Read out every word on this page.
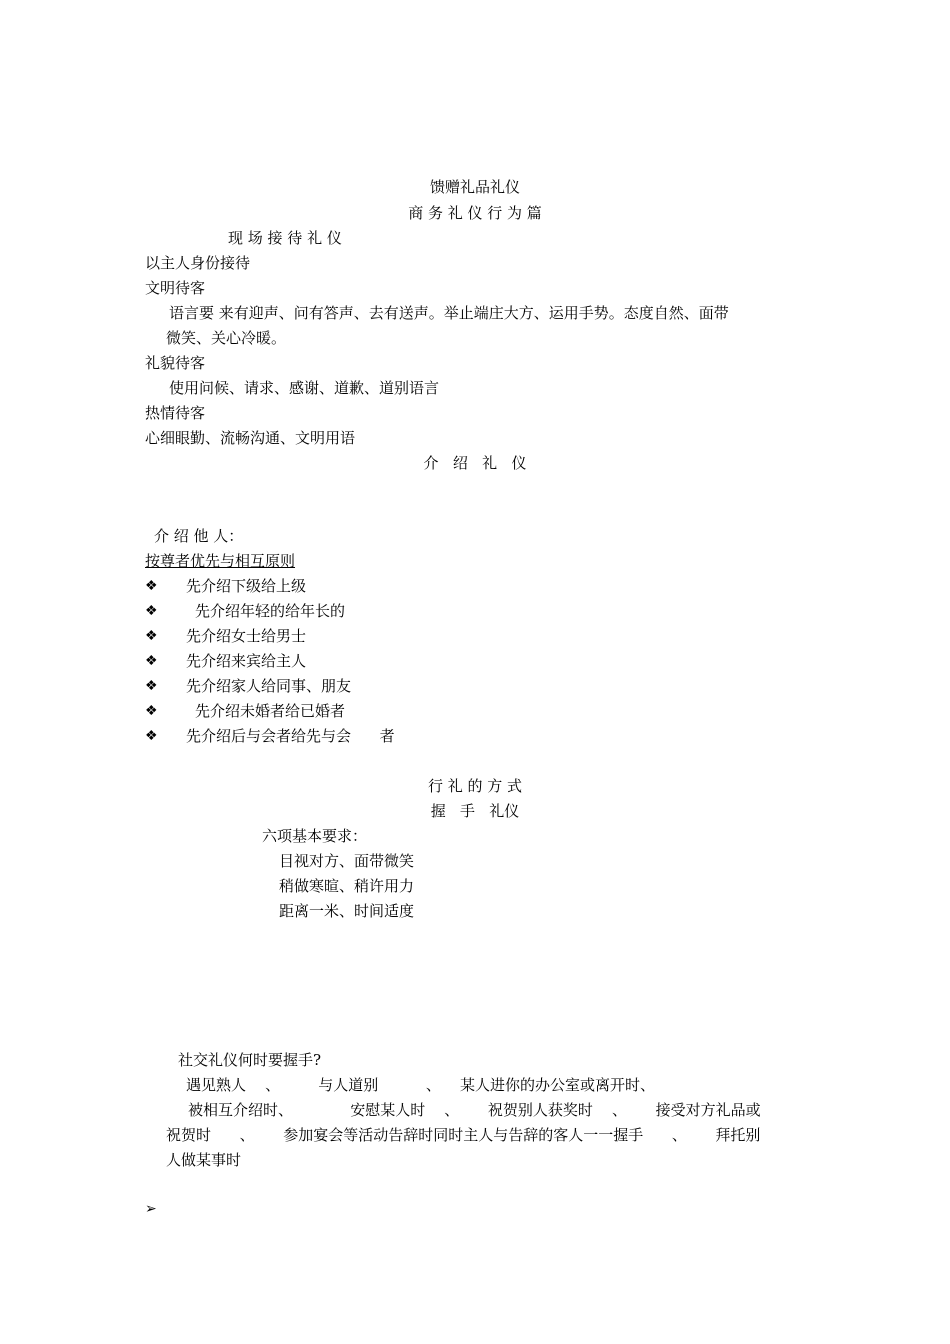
馈赠礼品礼仪
商 务 礼 仪 行 为 篇
现 场 接 待 礼 仪
以主人身份接待
文明待客
语言要 来有迎声、问有答声、去有送声。举止端庄大方、运用手势。态度自然、面带
微笑、关心冷暖。
礼貌待客
使用问候、请求、感谢、道歉、道别语言
热情待客
心细眼勤、流畅沟通、文明用语
介   绍   礼   仪
介 绍 他 人：
按尊者优先与相互原则
❖ 先介绍下级给上级
❖ 先介绍年轻的给年长的
❖ 先介绍女士给男士
❖ 先介绍来宾给主人
❖ 先介绍家人给同事、朋友
❖ 先介绍未婚者给已婚者
❖ 先介绍后与会者给先与会      者
行 礼 的 方 式
握   手   礼仪
六项基本要求：
目视对方、面带微笑
稍做寒暄、稍许用力
距离一米、时间适度
社交礼仪何时要握手?
遇见熟人    、        与人道别          、    某人进你的办公室或离开时、
被相互介绍时、            安慰某人时    、      祝贺别人获奖时    、      接受对方礼品或
祝贺时      、      参加宴会等活动告辞时同时主人与告辞的客人一一握手      、      拜托别
人做某事时
➢
